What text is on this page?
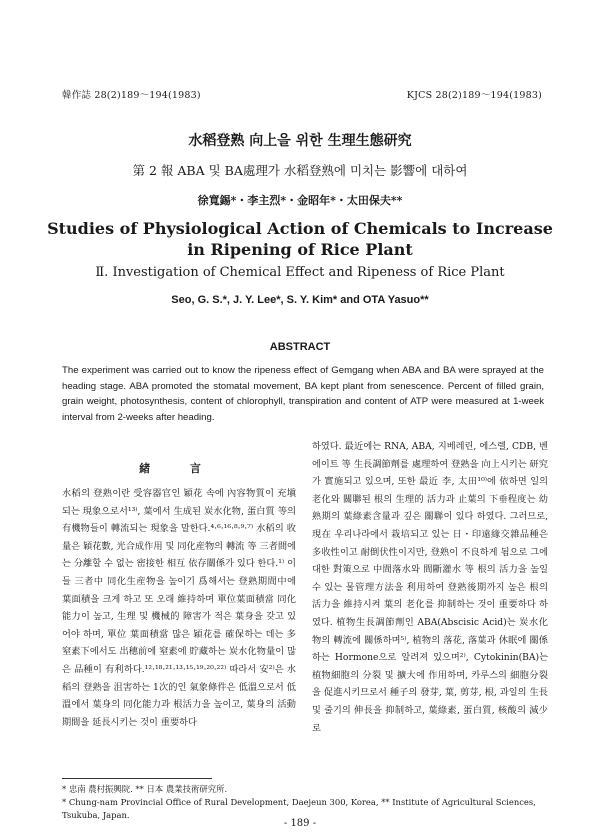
韓作誌 28(2)189～194(1983)	KJCS 28(2)189～194(1983)
水稻登熟 向上을 위한 生理生態研究
第 2 報 ABA 및 BA處理가 水稻登熟에 미치는 影響에 대하여
徐寬錫*・李主烈*・金昭年*・太田保夫**
Studies of Physiological Action of Chemicals to Increase
in Ripening of Rice Plant
Ⅱ. Investigation of Chemical Effect and Ripeness of Rice Plant
Seo, G. S.*, J. Y. Lee*, S. Y. Kim* and OTA Yasuo**
ABSTRACT
The experiment was carried out to know the ripeness effect of Gemgang when ABA and BA were sprayed at the heading stage. ABA promoted the stomatal movement, BA kept plant from senescence. Percent of filled grain, grain weight, photosynthesis, content of chlorophyll, transpiration and content of ATP were measured at 1-week interval from 2-weeks after heading.
緒 言
水稻의 登熟이란 受容器官인 穎花 속에 內容物質이 充塡되는 現象으로서¹³⁾, 葉에서 生成된 炭水化物, 蛋白質 等의 有機物들이 轉流되는 現象을 말한다.⁴·⁶·¹⁶·⁸·⁹·⁷⁾ 水稻의 收量은 穎花數, 光合成作用 및 同化産物의 轉流 等 三者間에는 分離할 수 없는 密接한 相互 依存關係가 있다 한다.¹⁾ 이들 三者中 同化生産物을 높이기 爲해서는 登熟期間中에 葉面積을 크게 하고 또 오래 維持하며 單位葉面積當 同化能力이 높고, 生理 및 機械的 障害가 적은 葉身을 갖고 있어야 하며, 單位 葉面積當 많은 穎花를 確保하는 데는 多窒素下에서도 出穗前에 窒素에 貯藏하는 炭水化物量이 많은 品種이 有利하다.¹²·¹⁸·²¹·¹³·¹⁵·¹⁹·²⁰·²²⁾ 따라서 安²⁾은 水稻의 登熟을 沮害하는 1次的인 氣象條件은 低溫으로서 低溫에서 葉身의 同化能力과 根活力을 높이고, 葉身의 活動期間을 延長시키는 것이 重要하다
하였다. 最近에는 RNA, ABA, 지베레린, 에스렐, CDB, 벤에이트 等 生長調節劑를 處理하여 登熟을 向上시키는 研究가 實施되고 있으며, 또한 最近 李, 太田¹⁰⁾에 依하면 일의 老化와 關聯된 根의 生理的 活力과 止葉의 下垂程度는 幼熟期의 葉綠素含量과 깊은 關聯이 있다 하였다. 그러므로, 現在 우리나라에서 栽培되고 있는 日・印遠緣交雜品種은 多收性이고 耐倒伏性이지만, 登熟이 不良하게 됨으로 그에 대한 對策으로 中間落水와 間斷灌水 等 根의 活力을 높일 수 있는 물管理方法을 利用하여 登熟後期까지 높은 根의 活力을 維持시켜 葉의 老化를 抑制하는 것이 重要하다 하였다. 植物生長調節劑인 ABA(Abscisic Acid)는 炭水化物의 轉流에 關係하며⁵⁾, 植物의 落花, 落葉과 休眠에 關係하는 Hormone으로 알려져 있으며²⁾, Cytokinin(BA)는 植物細胞의 分裂 및 擴大에 作用하며, 카루스의 細胞分裂을 促進시키므로서 種子의 發芽, 葉, 剪芽, 根, 과일의 生長 및 줄기의 伸長을 抑制하고, 葉綠素, 蛋白質, 核酸의 減少로
* 忠南 農村振興院. ** 日本 農業技術研究所.
* Chung-nam Provincial Office of Rural Development, Daejeun 300, Korea, ** Institute of Agricultural Sciences, Tsukuba, Japan.
- 189 -
